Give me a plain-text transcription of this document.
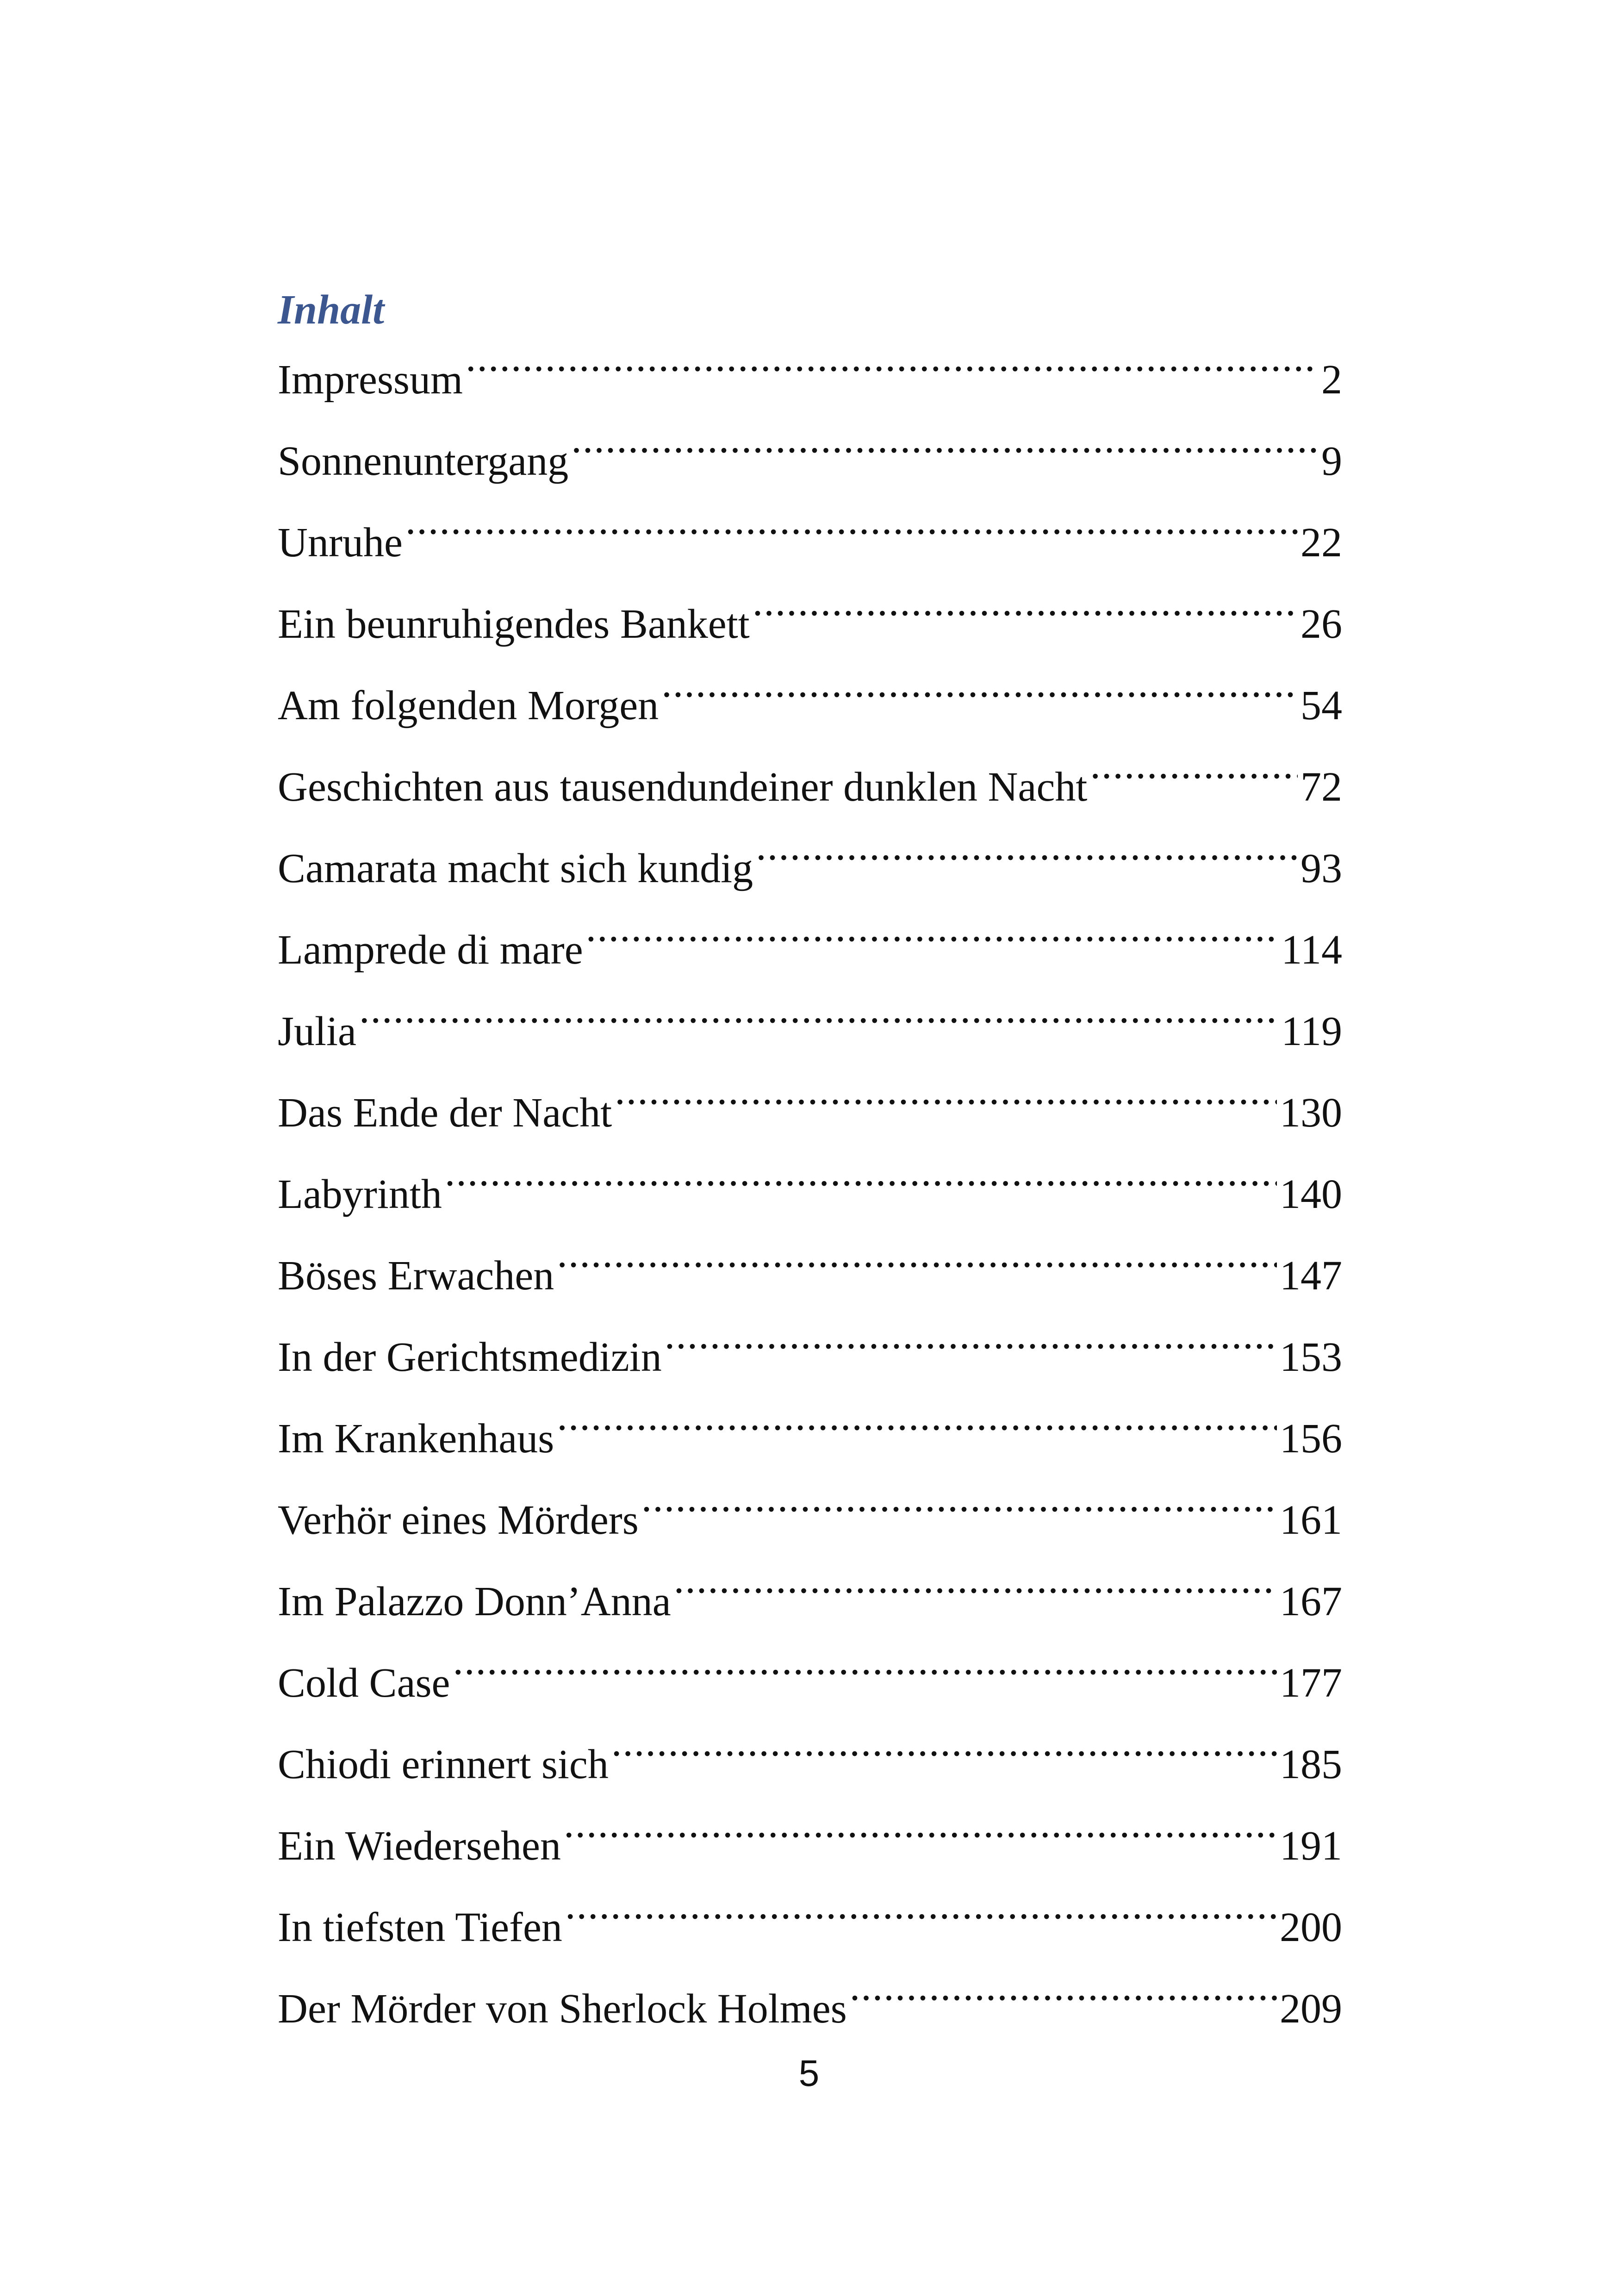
Inhalt
Impressum .....	2
Sonnenuntergang .....	9
Unruhe .....	22
Ein beunruhigendes Bankett .....	26
Am folgenden Morgen .....	54
Geschichten aus tausendundeiner dunklen Nacht .....	72
Camarata macht sich kundig .....	93
Lamprede di mare .....	114
Julia .....	119
Das Ende der Nacht .....	130
Labyrinth .....	140
Böses Erwachen .....	147
In der Gerichtsmedizin .....	153
Im Krankenhaus .....	156
Verhör eines Mörders .....	161
Im Palazzo Donn’Anna .....	167
Cold Case .....	177
Chiodi erinnert sich .....	185
Ein Wiedersehen .....	191
In tiefsten Tiefen .....	200
Der Mörder von Sherlock Holmes .....	209
5
